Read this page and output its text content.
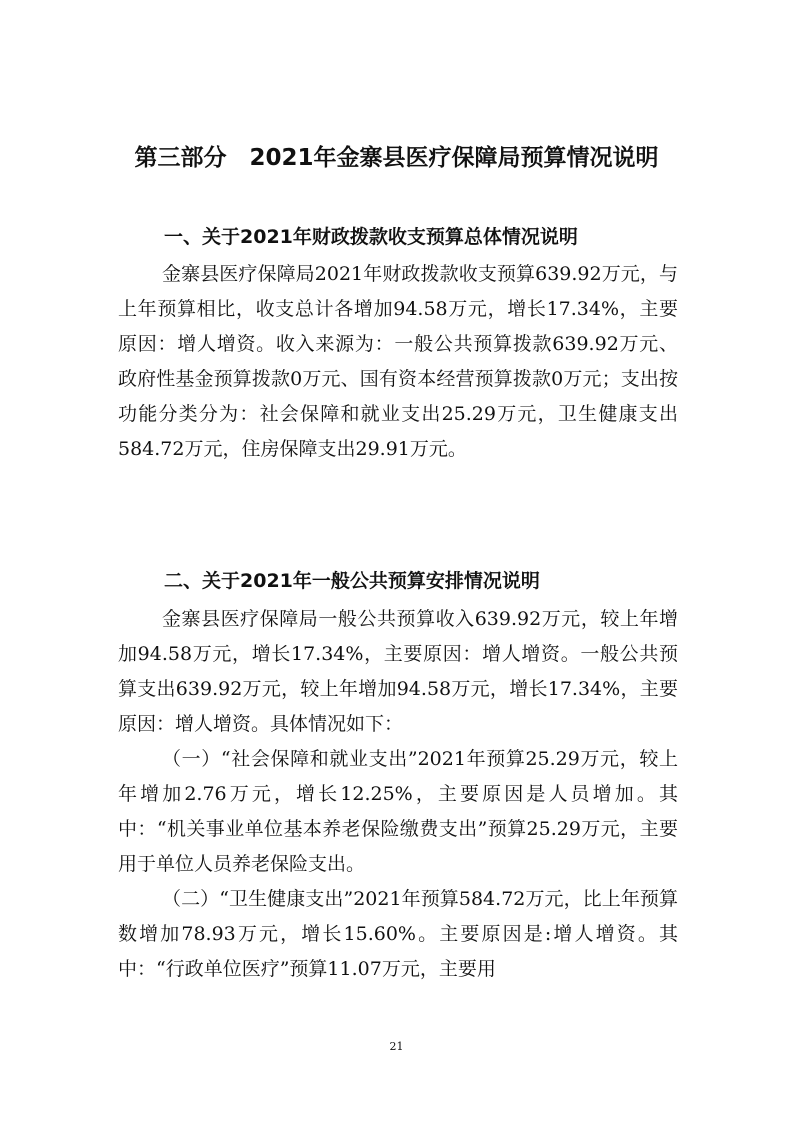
第三部分　2021年金寨县医疗保障局预算情况说明
一、关于2021年财政拨款收支预算总体情况说明

金寨县医疗保障局2021年财政拨款收支预算639.92万元，与上年预算相比，收支总计各增加94.58万元，增长17.34%，主要原因：增人增资。收入来源为：一般公共预算拨款639.92万元、政府性基金预算拨款0万元、国有资本经营预算拨款0万元；支出按功能分类分为：社会保障和就业支出25.29万元，卫生健康支出584.72万元，住房保障支出29.91万元。

二、关于2021年一般公共预算安排情况说明

金寨县医疗保障局一般公共预算收入639.92万元，较上年增加94.58万元，增长17.34%，主要原因：增人增资。一般公共预算支出639.92万元，较上年增加94.58万元，增长17.34%，主要原因：增人增资。具体情况如下：

（一）“社会保障和就业支出”2021年预算25.29万元，较上年增加2.76万元，增长12.25%，主要原因是人员增加。其中：“机关事业单位基本养老保险缴费支出”预算25.29万元，主要用于单位人员养老保险支出。

（二）“卫生健康支出”2021年预算584.72万元，比上年预算数增加78.93万元，增长15.60%。主要原因是:增人增资。其中：“行政单位医疗”预算11.07万元，主要用

21
